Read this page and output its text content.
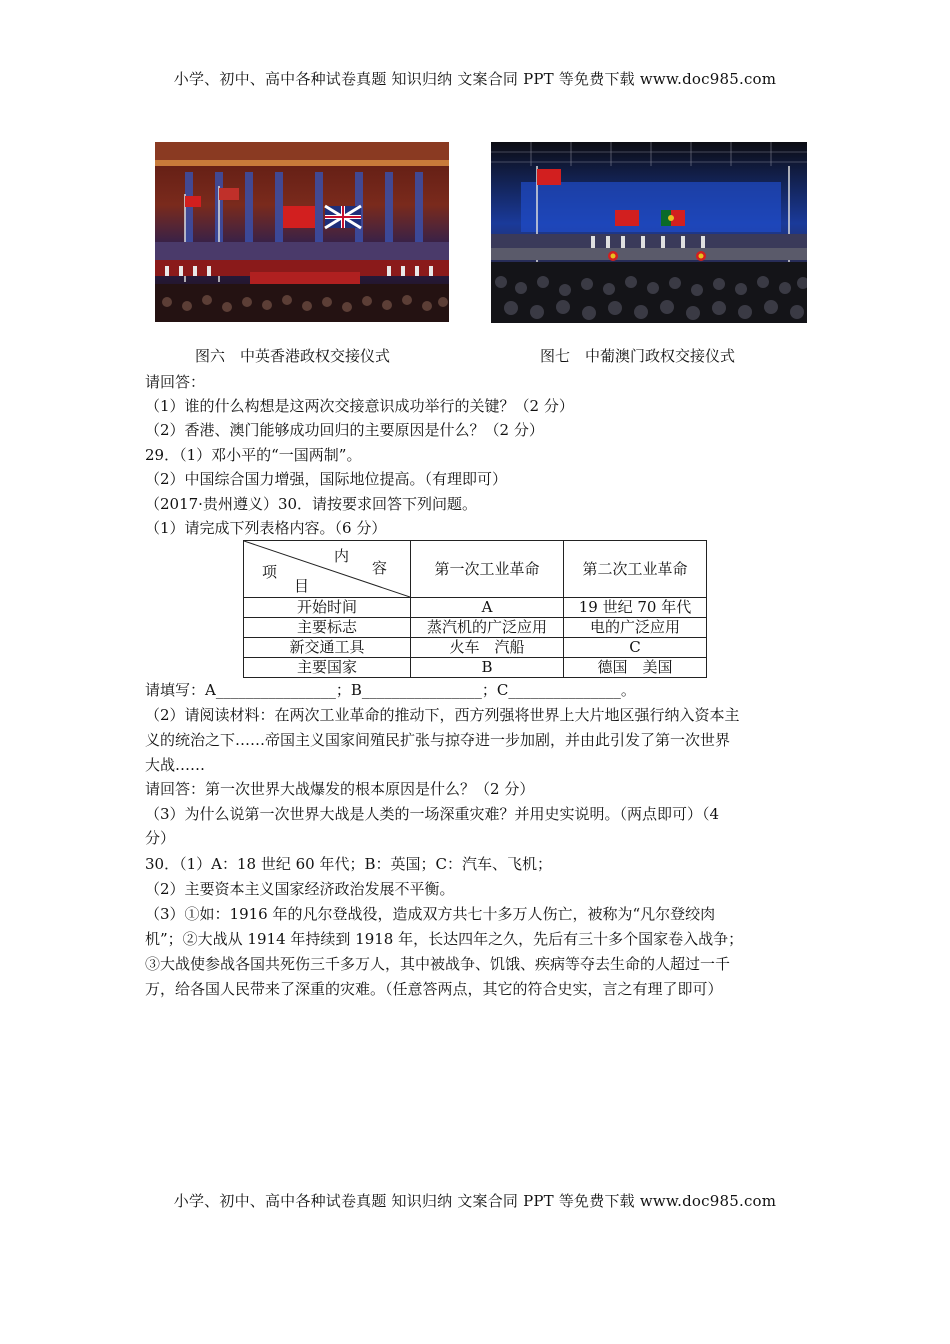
小学、初中、高中各种试卷真题 知识归纳 文案合同 PPT 等免费下载 www.doc985.com
图六　中英香港政权交接仪式	图七　中葡澳门政权交接仪式
请回答：
（1）谁的什么构想是这两次交接意识成功举行的关键？（2 分）
（2）香港、澳门能够成功回归的主要原因是什么？（2 分）
29．（1）邓小平的“一国两制”。
（2）中国综合国力增强，国际地位提高。（有理即可）
（2017·贵州遵义）30．请按要求回答下列问题。
（1）请完成下列表格内容。（6 分）
内
容
项
目	第一次工业革命	第二次工业革命
开始时间	A	19 世纪 70 年代
主要标志	蒸汽机的广泛应用	电的广泛应用
新交通工具	火车　汽船	C
主要国家	B	德国　美国
请填写：A________________；B________________；C_______________。
（2）请阅读材料：在两次工业革命的推动下，西方列强将世界上大片地区强行纳入资本主
义的统治之下……帝国主义国家间殖民扩张与掠夺进一步加剧，并由此引发了第一次世界
大战……
请回答：第一次世界大战爆发的根本原因是什么？（2 分）
（3）为什么说第一次世界大战是人类的一场深重灾难？并用史实说明。（两点即可）（4
分）
30．（1）A：18 世纪 60 年代；B：英国；C：汽车、飞机；
（2）主要资本主义国家经济政治发展不平衡。
（3）①如：1916 年的凡尔登战役，造成双方共七十多万人伤亡，被称为“凡尔登绞肉
机”；②大战从 1914 年持续到 1918 年，长达四年之久，先后有三十多个国家卷入战争；
③大战使参战各国共死伤三千多万人，其中被战争、饥饿、疾病等夺去生命的人超过一千
万，给各国人民带来了深重的灾难。（任意答两点，其它的符合史实，言之有理了即可）
小学、初中、高中各种试卷真题 知识归纳 文案合同 PPT 等免费下载 www.doc985.com
